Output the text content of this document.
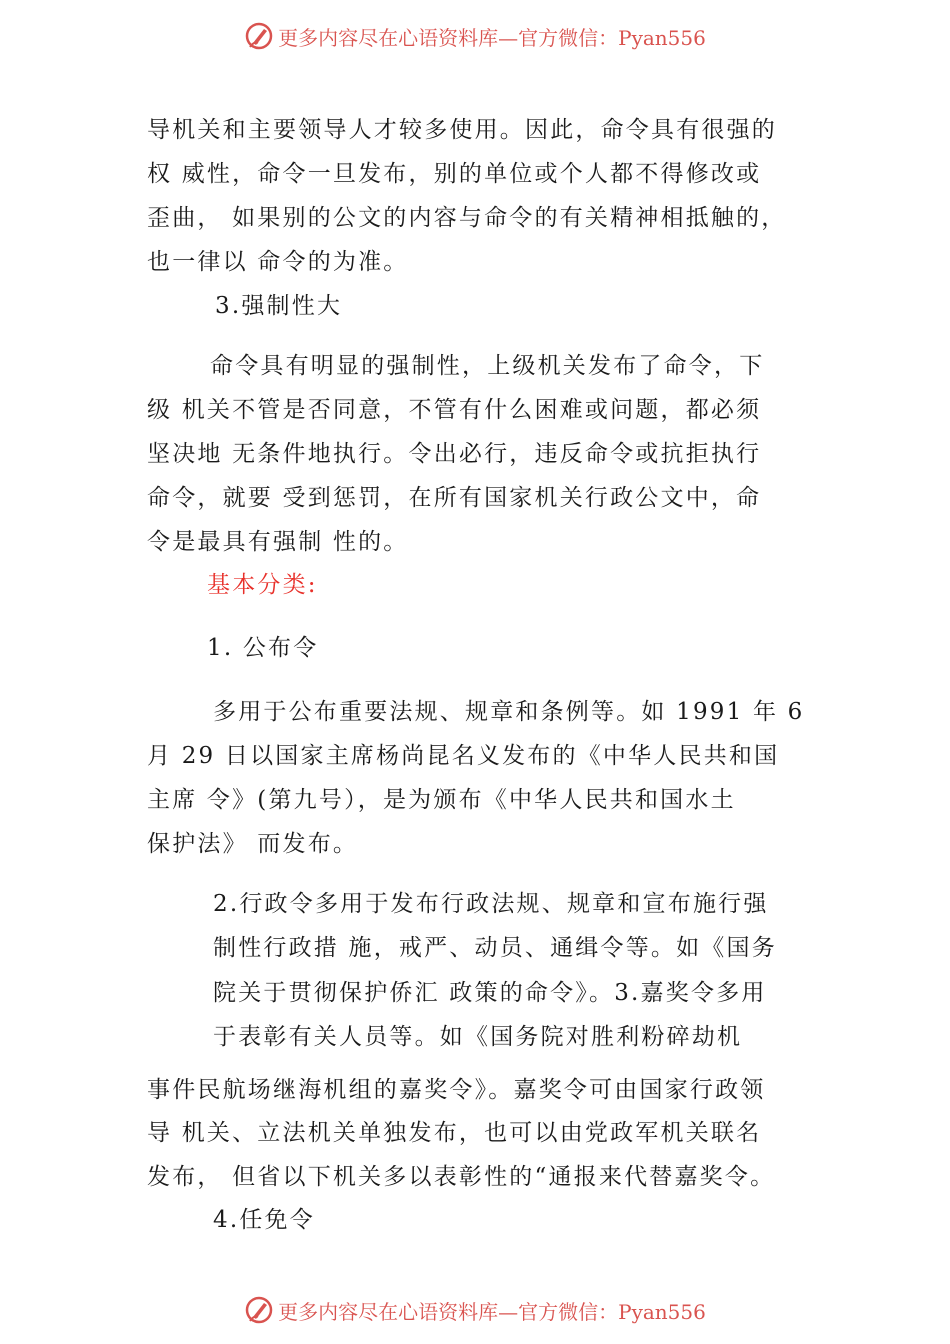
更多内容尽在心语资料库—官方微信：Pyan556
导机关和主要领导人才较多使用。因此，命令具有很强的
权 威性，命令一旦发布，别的单位或个人都不得修改或
歪曲， 如果别的公文的内容与命令的有关精神相抵触的，
也一律以 命令的为准。
3.强制性大
命令具有明显的强制性，上级机关发布了命令，下
级 机关不管是否同意，不管有什么困难或问题，都必须
坚决地 无条件地执行。令出必行，违反命令或抗拒执行
命令，就要 受到惩罚，在所有国家机关行政公文中，命
令是最具有强制 性的。
基本分类:
1. 公布令
多用于公布重要法规、规章和条例等。如 1991 年 6
月 29 日以国家主席杨尚昆名义发布的《中华人民共和国
主席 令》(第九号），是为颁布《中华人民共和国水土
保护法》 而发布。
2.行政令多用于发布行政法规、规章和宣布施行强
制性行政措 施，戒严、动员、通缉令等。如《国务
院关于贯彻保护侨汇 政策的命令》。3.嘉奖令多用
于表彰有关人员等。如《国务院对胜利粉碎劫机
事件民航场继海机组的嘉奖令》。嘉奖令可由国家行政领
导 机关、立法机关单独发布，也可以由党政军机关联名
发布， 但省以下机关多以表彰性的“通报来代替嘉奖令。
4.任免令
更多内容尽在心语资料库—官方微信：Pyan556
